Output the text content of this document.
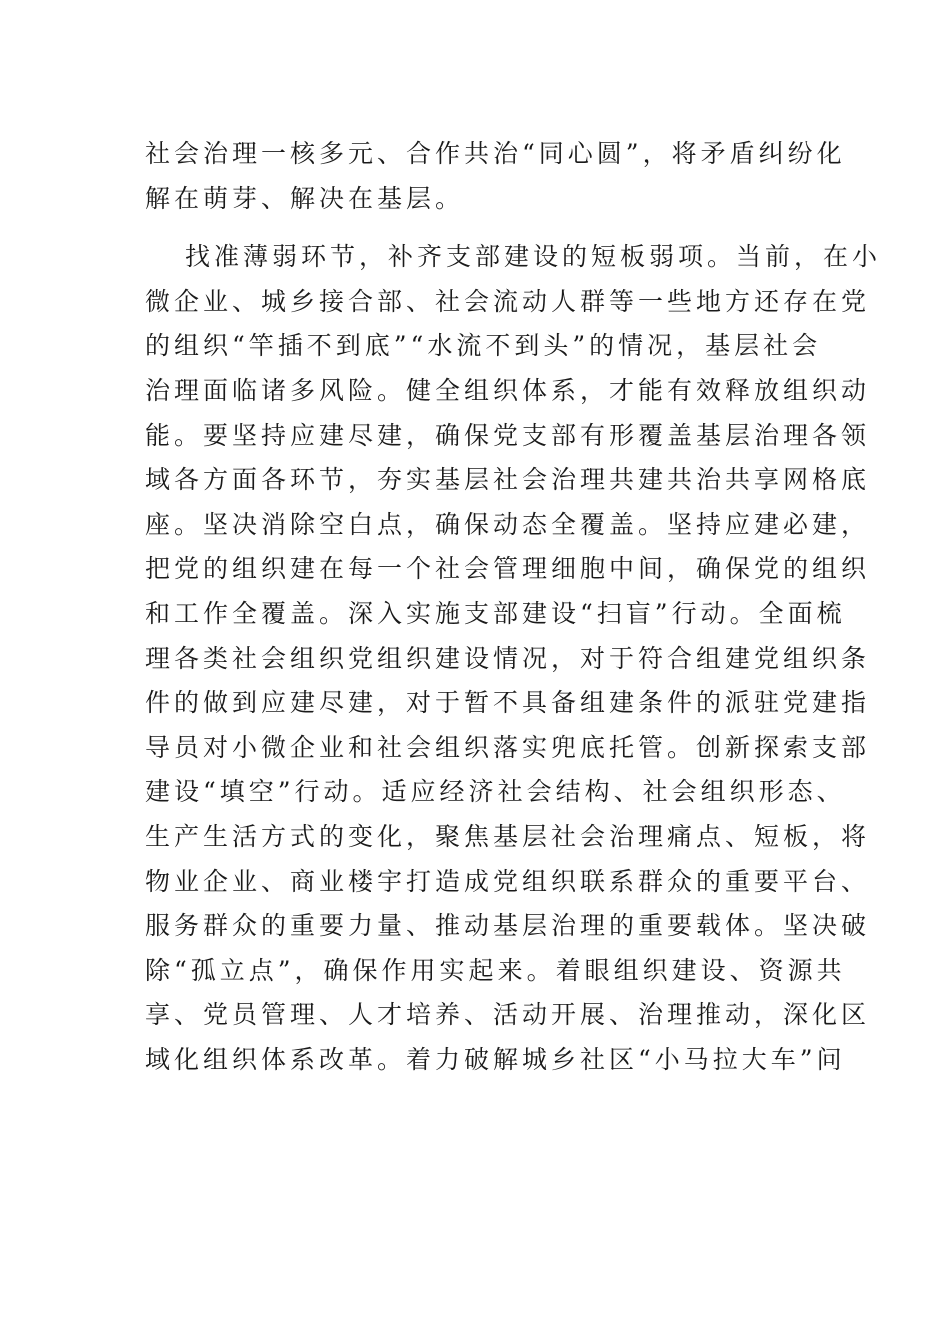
社会治理一核多元、合作共治“同心圆”，将矛盾纠纷化
解在萌芽、解决在基层。
找准薄弱环节，补齐支部建设的短板弱项。当前，在小
微企业、城乡接合部、社会流动人群等一些地方还存在党
的组织“竿插不到底”“水流不到头”的情况，基层社会
治理面临诸多风险。健全组织体系，才能有效释放组织动
能。要坚持应建尽建，确保党支部有形覆盖基层治理各领
域各方面各环节，夯实基层社会治理共建共治共享网格底
座。坚决消除空白点，确保动态全覆盖。坚持应建必建，
把党的组织建在每一个社会管理细胞中间，确保党的组织
和工作全覆盖。深入实施支部建设“扫盲”行动。全面梳
理各类社会组织党组织建设情况，对于符合组建党组织条
件的做到应建尽建，对于暂不具备组建条件的派驻党建指
导员对小微企业和社会组织落实兜底托管。创新探索支部
建设“填空”行动。适应经济社会结构、社会组织形态、
生产生活方式的变化，聚焦基层社会治理痛点、短板，将
物业企业、商业楼宇打造成党组织联系群众的重要平台、
服务群众的重要力量、推动基层治理的重要载体。坚决破
除“孤立点”，确保作用实起来。着眼组织建设、资源共
享、党员管理、人才培养、活动开展、治理推动，深化区
域化组织体系改革。着力破解城乡社区“小马拉大车”问
